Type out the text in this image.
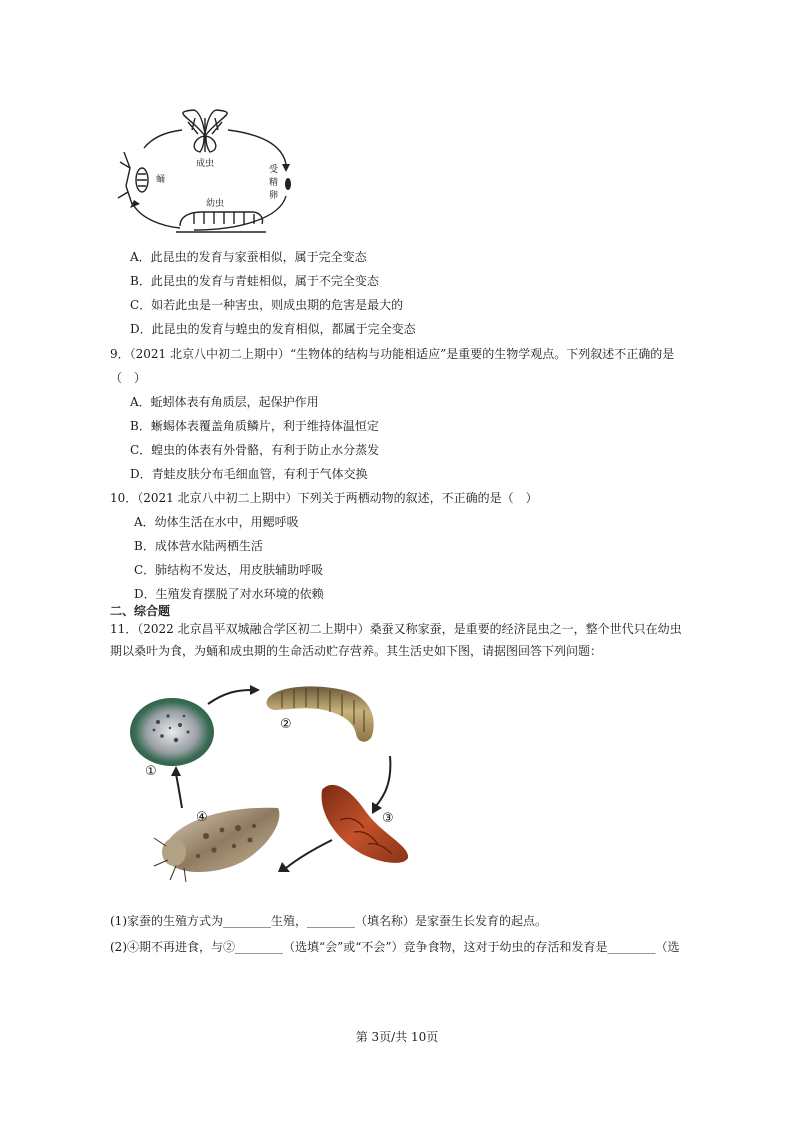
成虫
受
精
卵
蛹
幼虫
A．此昆虫的发育与家蚕相似，属于完全变态
B．此昆虫的发育与青蛙相似，属于不完全变态
C．如若此虫是一种害虫，则成虫期的危害是最大的
D．此昆虫的发育与蝗虫的发育相似，都属于完全变态
9．（2021 北京八中初二上期中）“生物体的结构与功能相适应”是重要的生物学观点。下列叙述不正确的是
（　）
A．蚯蚓体表有角质层，起保护作用
B．蜥蜴体表覆盖角质鳞片，利于维持体温恒定
C．蝗虫的体表有外骨骼，有利于防止水分蒸发
D．青蛙皮肤分布毛细血管，有利于气体交换
10．（2021 北京八中初二上期中）下列关于两栖动物的叙述，不正确的是（　）
A．幼体生活在水中，用鳃呼吸
B．成体营水陆两栖生活
C．肺结构不发达，用皮肤辅助呼吸
D．生殖发育摆脱了对水环境的依赖
二、综合题
11．（2022 北京昌平双城融合学区初二上期中）桑蚕又称家蚕，是重要的经济昆虫之一，整个世代只在幼虫
期以桑叶为食，为蛹和成虫期的生命活动贮存营养。其生活史如下图，请据图回答下列问题：
①
②
③
④
(1)家蚕的生殖方式为________生殖，________（填名称）是家蚕生长发育的起点。
(2)④期不再进食，与②________（选填“会”或“不会”）竞争食物，这对于幼虫的存活和发育是________（选
第 3页/共 10页
